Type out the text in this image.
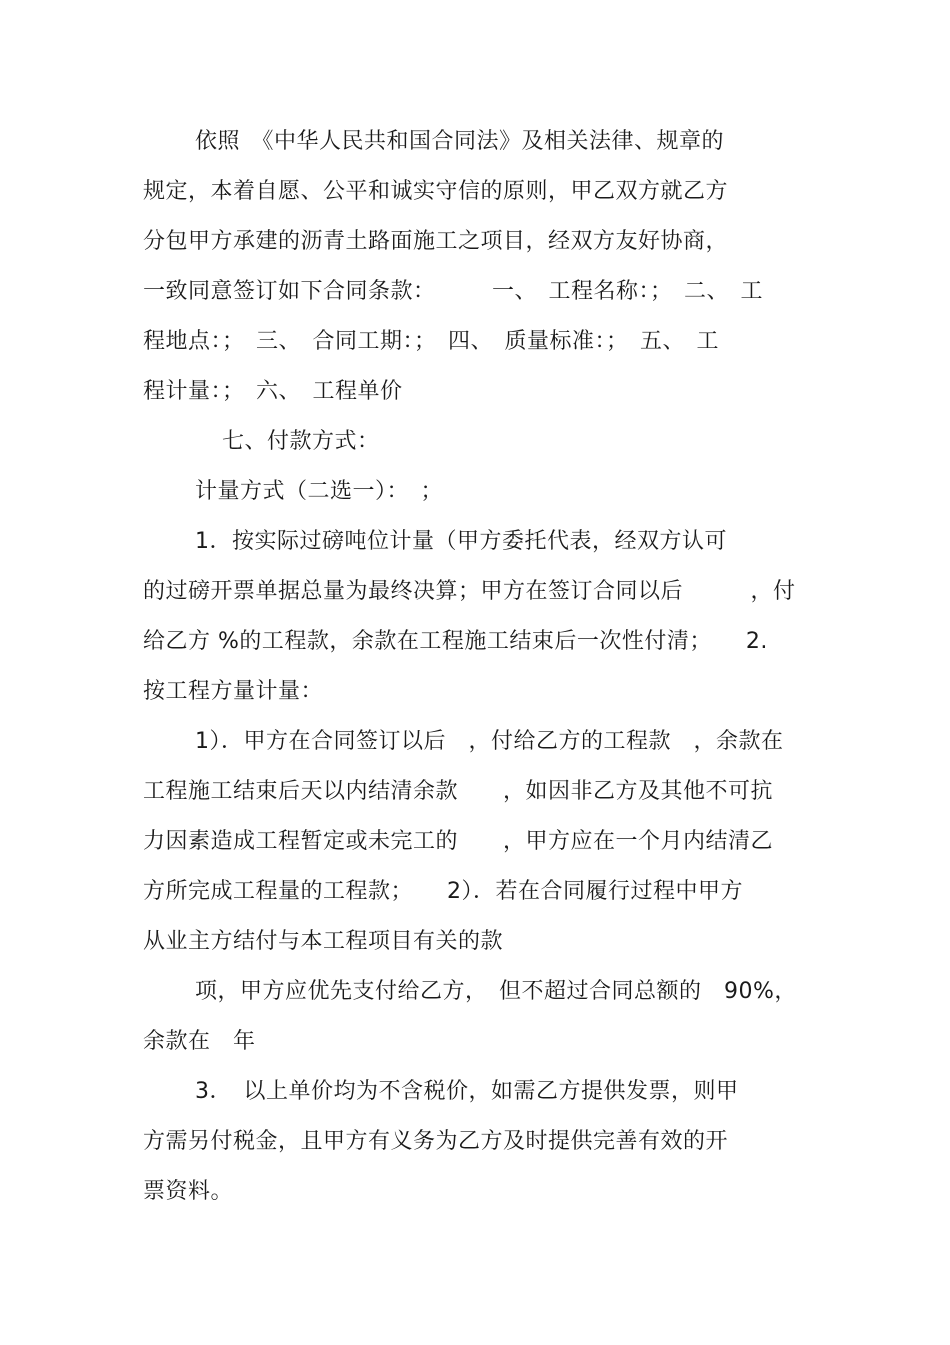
依照　《中华人民共和国合同法》及相关法律、规章的
规定，本着自愿、公平和诚实守信的原则，甲乙双方就乙方
分包甲方承建的沥青土路面施工之项目，经双方友好协商，
一致同意签订如下合同条款：　　　一、　工程名称：；　二、　工
程地点：；　三、　合同工期：；　四、　质量标准：；　五、　工
程计量：；　六、　工程单价
七、付款方式：
计量方式（二选一）：　；
1．按实际过磅吨位计量（甲方委托代表，经双方认可
的过磅开票单据总量为最终决算；甲方在签订合同以后　　　，付
给乙方 %的工程款，余款在工程施工结束后一次性付清；　　2.
按工程方量计量：
1）．甲方在合同签订以后　，付给乙方的工程款　，余款在
工程施工结束后天以内结清余款　　，如因非乙方及其他不可抗
力因素造成工程暂定或未完工的　　，甲方应在一个月内结清乙
方所完成工程量的工程款；　　2）．若在合同履行过程中甲方
从业主方结付与本工程项目有关的款
项，甲方应优先支付给乙方，　但不超过合同总额的　90%，
余款在　年
3．　以上单价均为不含税价，如需乙方提供发票，则甲
方需另付税金，且甲方有义务为乙方及时提供完善有效的开
票资料。
